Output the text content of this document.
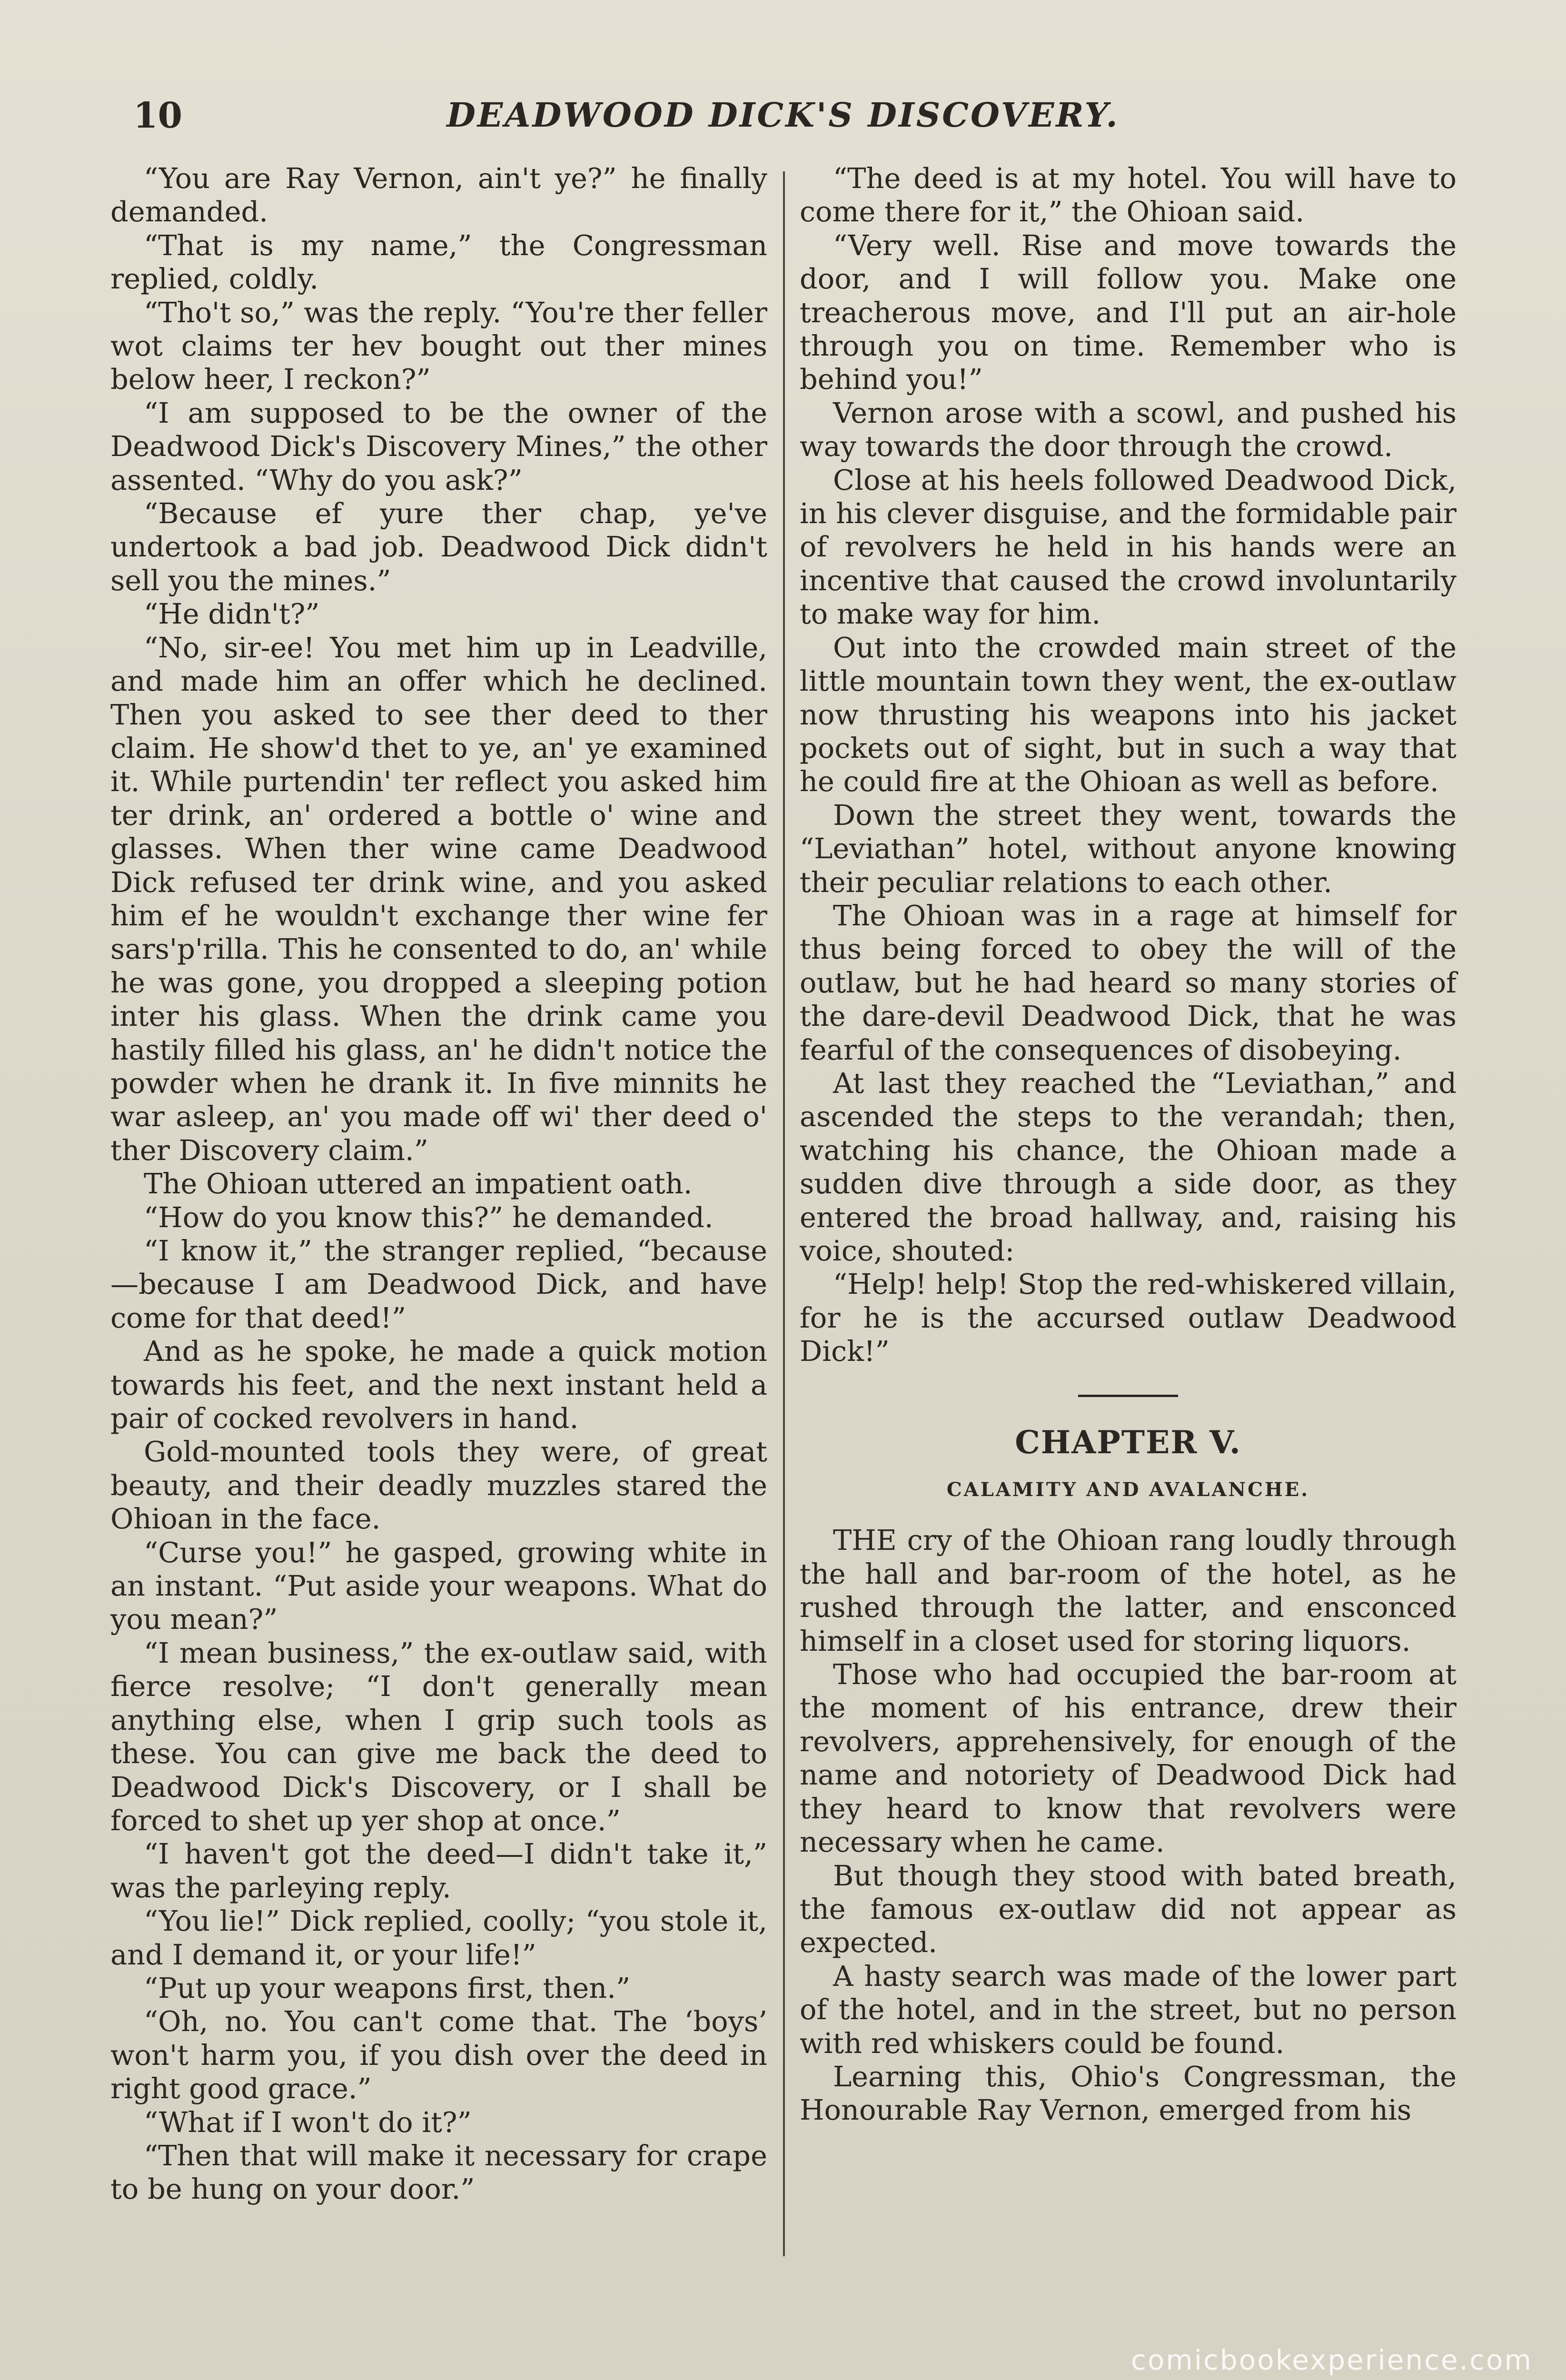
10	DEADWOOD DICK'S DISCOVERY.

“You are Ray Vernon, ain't ye?” he finally demanded.

“That is my name,” the Congressman replied, coldly.

“Tho't so,” was the reply. “You're ther feller wot claims ter hev bought out ther mines below heer, I reckon?”

“I am supposed to be the owner of the Deadwood Dick's Discovery Mines,” the other assented. “Why do you ask?”

“Because ef yure ther chap, ye've undertook a bad job. Deadwood Dick didn't sell you the mines.”

“He didn't?”

“No, sir-ee! You met him up in Leadville, and made him an offer which he declined. Then you asked to see ther deed to ther claim. He show'd thet to ye, an' ye examined it. While purtendin' ter reflect you asked him ter drink, an' ordered a bottle o' wine and glasses. When ther wine came Deadwood Dick refused ter drink wine, and you asked him ef he wouldn't exchange ther wine fer sars'p'rilla. This he consented to do, an' while he was gone, you dropped a sleeping potion inter his glass. When the drink came you hastily filled his glass, an' he didn't notice the powder when he drank it. In five minnits he war asleep, an' you made off wi' ther deed o' ther Discovery claim.”

The Ohioan uttered an impatient oath.

“How do you know this?” he demanded.

“I know it,” the stranger replied, “because—because I am Deadwood Dick, and have come for that deed!”

And as he spoke, he made a quick motion towards his feet, and the next instant held a pair of cocked revolvers in hand.

Gold-mounted tools they were, of great beauty, and their deadly muzzles stared the Ohioan in the face.

“Curse you!” he gasped, growing white in an instant. “Put aside your weapons. What do you mean?”

“I mean business,” the ex-outlaw said, with fierce resolve; “I don't generally mean anything else, when I grip such tools as these. You can give me back the deed to Deadwood Dick's Discovery, or I shall be forced to shet up yer shop at once.”

“I haven't got the deed—I didn't take it,” was the parleying reply.

“You lie!” Dick replied, coolly; “you stole it, and I demand it, or your life!”

“Put up your weapons first, then.”

“Oh, no. You can't come that. The ‘boys’ won't harm you, if you dish over the deed in right good grace.”

“What if I won't do it?”

“Then that will make it necessary for crape to be hung on your door.”

“The deed is at my hotel. You will have to come there for it,” the Ohioan said.

“Very well. Rise and move towards the door, and I will follow you. Make one treacherous move, and I'll put an air-hole through you on time. Remember who is behind you!”

Vernon arose with a scowl, and pushed his way towards the door through the crowd.

Close at his heels followed Deadwood Dick, in his clever disguise, and the formidable pair of revolvers he held in his hands were an incentive that caused the crowd involuntarily to make way for him.

Out into the crowded main street of the little mountain town they went, the ex-outlaw now thrusting his weapons into his jacket pockets out of sight, but in such a way that he could fire at the Ohioan as well as before.

Down the street they went, towards the “Leviathan” hotel, without anyone knowing their peculiar relations to each other.

The Ohioan was in a rage at himself for thus being forced to obey the will of the outlaw, but he had heard so many stories of the dare-devil Deadwood Dick, that he was fearful of the consequences of disobeying.

At last they reached the “Leviathan,” and ascended the steps to the verandah; then, watching his chance, the Ohioan made a sudden dive through a side door, as they entered the broad hallway, and, raising his voice, shouted:

“Help! help! Stop the red-whiskered villain, for he is the accursed outlaw Deadwood Dick!”

CHAPTER V.
CALAMITY AND AVALANCHE.

THE cry of the Ohioan rang loudly through the hall and bar-room of the hotel, as he rushed through the latter, and ensconced himself in a closet used for storing liquors.

Those who had occupied the bar-room at the moment of his entrance, drew their revolvers, apprehensively, for enough of the name and notoriety of Deadwood Dick had they heard to know that revolvers were necessary when he came.

But though they stood with bated breath, the famous ex-outlaw did not appear as expected.

A hasty search was made of the lower part of the hotel, and in the street, but no person with red whiskers could be found.

Learning this, Ohio's Congressman, the Honourable Ray Vernon, emerged from his

comicbookexperience.com
